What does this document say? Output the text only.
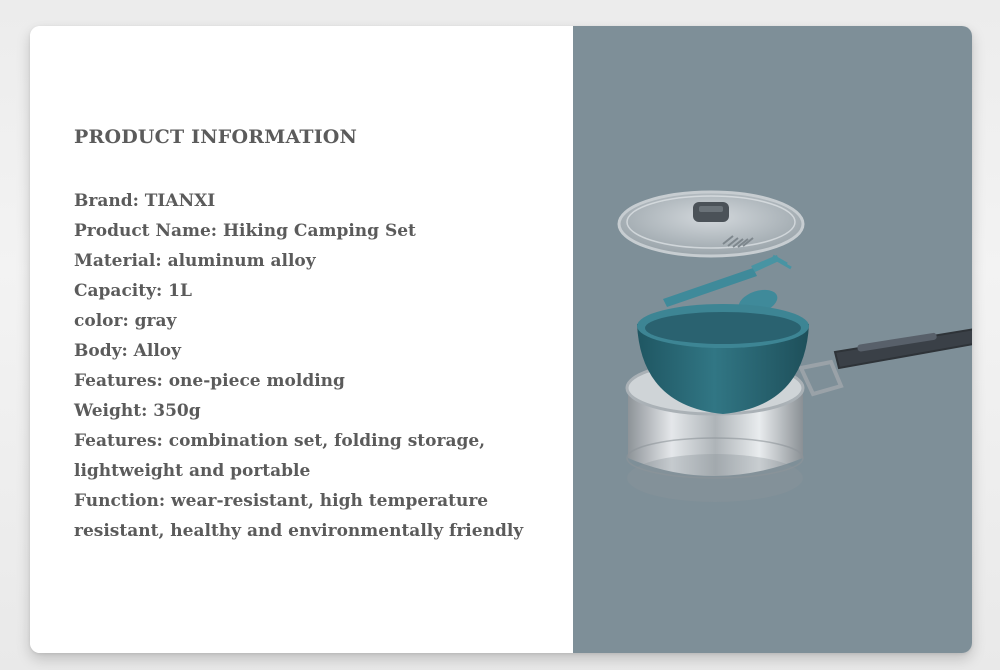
PRODUCT INFORMATION
Brand: TIANXI
Product Name: Hiking Camping Set
Material: aluminum alloy
Capacity: 1L
color: gray
Body: Alloy
Features: one-piece molding
Weight: 350g
Features: combination set, folding storage,
lightweight and portable
Function: wear-resistant, high temperature
resistant, healthy and environmentally friendly
